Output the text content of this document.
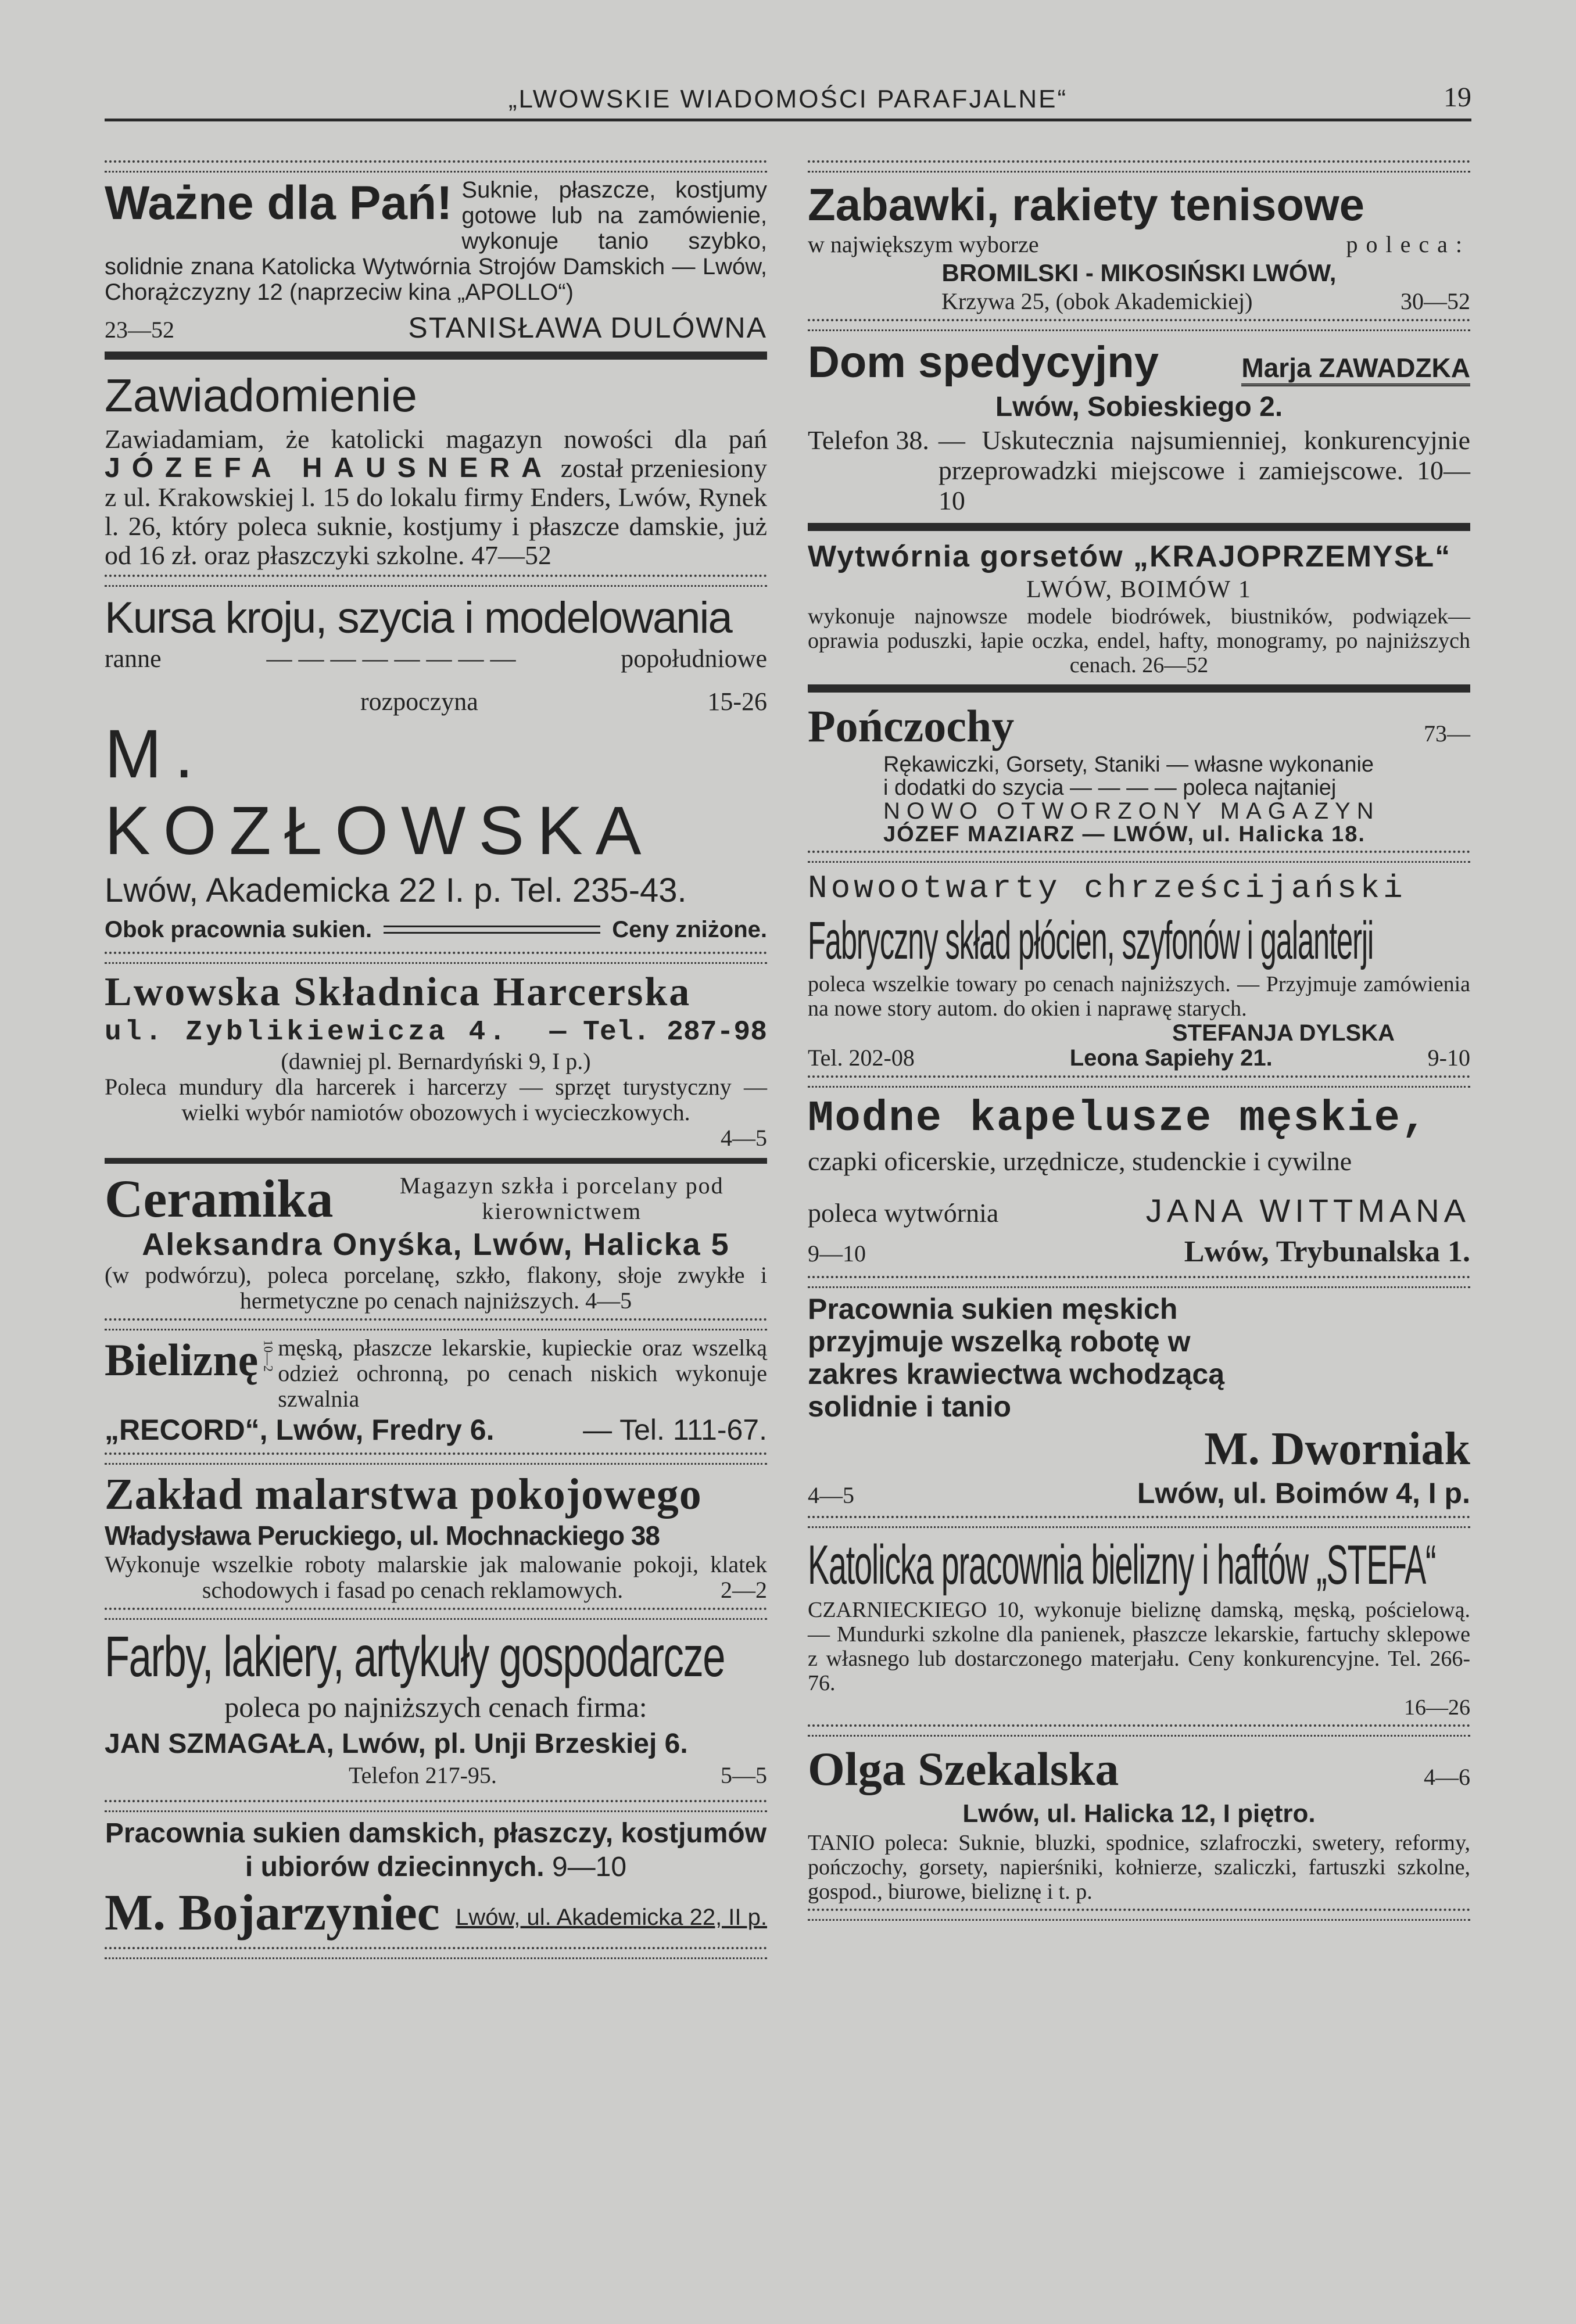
„LWOWSKIE WIADOMOŚCI PARAFJALNE“	19
Ważne dla Pań! Suknie, płaszcze, kostjumy gotowe lub na zamówienie, wykonuje tanio szybko, solidnie znana Katolicka Wytwórnia Strojów Damskich — Lwów, Chorążczyzny 12 (naprzeciw kina „APOLLO“)
23—52	STANISŁAWA DULÓWNA
Zawiadomienie
Zawiadamiam, że katolicki magazyn nowości dla pań JÓZEFA HAUSNERA został przeniesiony z ul. Krakowskiej l. 15 do lokalu firmy Enders, Lwów, Rynek l. 26, który poleca suknie, kostjumy i płaszcze damskie, już od 16 zł. oraz płaszczyki szkolne. 47—52
Kursa kroju, szycia i modelowania
ranne	— — — — — — — —	popołudniowe
rozpoczyna	15-26
M. KOZŁOWSKA
Lwów, Akademicka 22 I. p. Tel. 235-43.
Obok pracownia sukien.	Ceny zniżone.
Lwowska Składnica Harcerska
ul. Zyblikiewicza 4. — Tel. 287-98
(dawniej pl. Bernardyński 9, I p.)
Poleca mundury dla harcerek i harcerzy — sprzęt turystyczny — wielki wybór namiotów obozowych i wycieczkowych.
4—5
Ceramika	Magazyn szkła i porcelany pod kierownictwem
Aleksandra Onyśka, Lwów, Halicka 5
(w podwórzu), poleca porcelanę, szkło, flakony, słoje zwykłe i hermetyczne po cenach najniższych. 4—5
Bieliznę 10—2 męską, płaszcze lekarskie, kupieckie oraz wszelką odzież ochronną, po cenach niskich wykonuje szwalnia
„RECORD“, Lwów, Fredry 6.	— Tel. 111-67.
Zakład malarstwa pokojowego
Władysława Peruckiego, ul. Mochnackiego 38
Wykonuje wszelkie roboty malarskie jak malowanie pokoji, klatek schodowych i fasad po cenach reklamowych.	2—2
Farby, lakiery, artykuły gospodarcze
poleca po najniższych cenach firma:
JAN SZMAGAŁA, Lwów, pl. Unji Brzeskiej 6.
Telefon 217-95.	5—5
Pracownia sukien damskich, płaszczy, kostjumów i ubiorów dziecinnych. 9—10
M. Bojarzyniec Lwów, ul. Akademicka 22, II p.
Zabawki, rakiety tenisowe
w największym wyborze	poleca:
BROMILSKI - MIKOSIŃSKI LWÓW,
Krzywa 25, (obok Akademickiej)	30—52
Dom spedycyjny	Marja ZAWADZKA
Lwów, Sobieskiego 2.
Telefon 38. — Uskutecznia najsumienniej, konkurencyjnie przeprowadzki miejscowe i zamiejscowe. 10—10
Wytwórnia gorsetów „KRAJOPRZEMYSŁ“
LWÓW, BOIMÓW 1
wykonuje najnowsze modele biodrówek, biustników, podwiązek—oprawia poduszki, łapie oczka, endel, hafty, monogramy, po najniższych cenach. 26—52
Pończochy	73—
Rękawiczki, Gorsety, Staniki — własne wykonanie
i dodatki do szycia — — — — poleca najtaniej
NOWO OTWORZONY MAGAZYN
JÓZEF MAZIARZ — LWÓW, ul. Halicka 18.
Nowootwarty chrześcijański
Fabryczny skład płócien, szyfonów i galanterji
poleca wszelkie towary po cenach najniższych. — Przyjmuje zamówienia na nowe story autom. do okien i naprawę starych.
STEFANJA DYLSKA
Tel. 202-08	Leona Sapiehy 21.	9-10
Modne kapelusze męskie,
czapki oficerskie, urzędnicze, studenckie i cywilne
poleca wytwórnia	JANA WITTMANA
9—10	Lwów, Trybunalska 1.
Pracownia sukien męskich przyjmuje wszelką robotę w zakres krawiectwa wchodzącą solidnie i tanio
M. Dworniak
4—5	Lwów, ul. Boimów 4, I p.
Katolicka pracownia bielizny i haftów „STEFA“
CZARNIECKIEGO 10, wykonuje bieliznę damską, męską, pościelową. — Mundurki szkolne dla panienek, płaszcze lekarskie, fartuchy sklepowe z własnego lub dostarczonego materjału. Ceny konkurencyjne. Tel. 266-76.
16—26
Olga Szekalska	4—6
Lwów, ul. Halicka 12, I piętro.
TANIO poleca: Suknie, bluzki, spodnice, szlafroczki, swetery, reformy, pończochy, gorsety, napierśniki, kołnierze, szaliczki, fartuszki szkolne, gospod., biurowe, bieliznę i t. p.
